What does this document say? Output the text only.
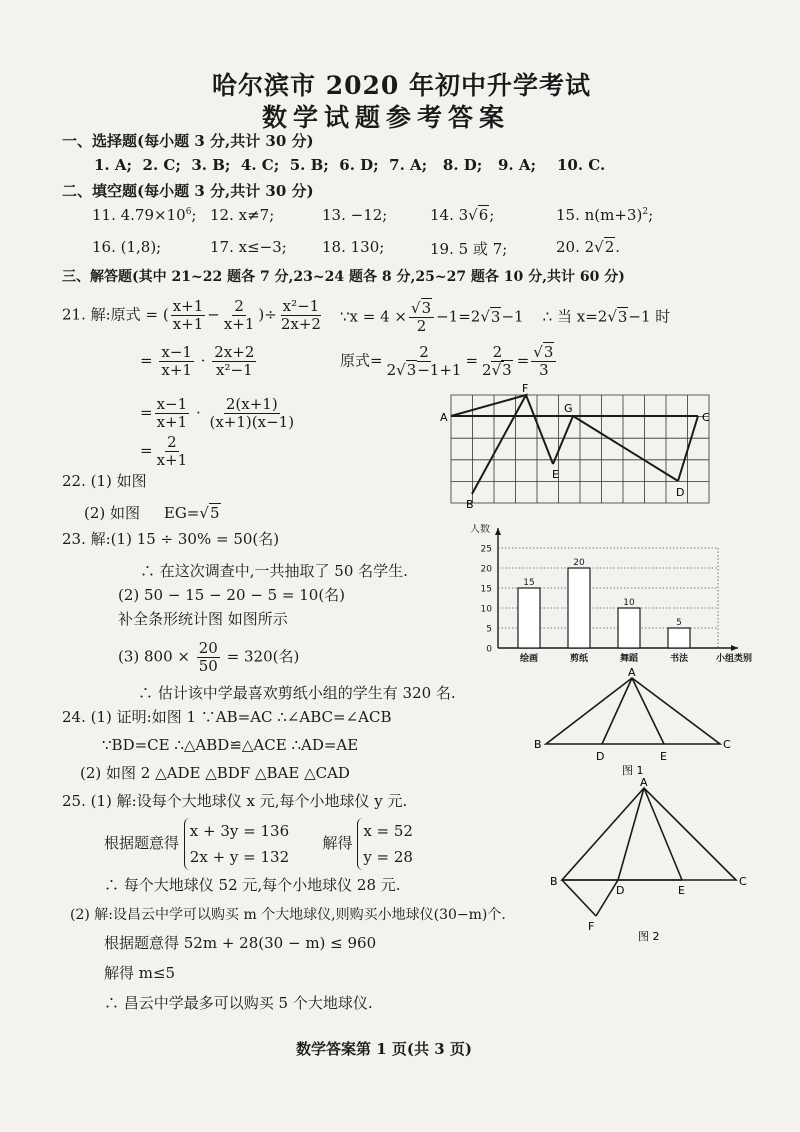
哈尔滨市 2020 年初中升学考试
数学试题参考答案
一、选择题(每小题 3 分,共计 30 分)
1. A; 2. C; 3. B; 4. C; 5. B; 6. D; 7. A; 8. D; 9. A; 10. C.
二、填空题(每小题 3 分,共计 30 分)
11. $4.79\times 10^6$; 12. x≠7;	13. −12;	14. 3√6;	15. $n(m+3)^2$;
16. (1,8);	17. x≤−3; 18. 130;	19. 5 或 7;	20. 2√2.
三、解答题(其中 21~22 题各 7 分,23~24 题各 8 分,25~27 题各 10 分,共计 60 分)
21. 解:原式 = ( $\frac{x+1}{x+1} - \frac{2}{x+1}$ )÷ $\frac{\text{x²−1}}{2x+2}$ ∵x = $4 \times \frac{√3}{2} -1=2√3-1$ ∴ 当 x=2√3−1 时
= $\frac{x-1}{x+1} \cdot \frac{2x+2}{\text{x²−1}}$	原式= $\frac{2}{2√3-1+1} = \frac{2}{2√3} = \frac{√3}{3}$
= $\frac{x-1}{x+1} \cdot \frac{2(x+1)}{(x+1)(x-1)}$
= $\frac{2}{x+1}$
22. (1) 如图
(2) 如图 EG=√5
A
F
G
C
E
B
D
23. 解:(1) 15 ÷ 30% = 50(名)
∴ 在这次调查中,一共抽取了 50 名学生.
(2) 50 − 15 − 20 − 5 = 10(名)
补全条形统计图 如图所示
(3) $800 \times \frac{20}{50} = 320$(名)
∴ 估计该中学最喜欢剪纸小组的学生有 320 名.
0
5
10
15
20
25
人数
15
绘画
20
剪纸
10
舞蹈
5
书法	小组类别
24. (1) 证明:如图 1 ∵AB=AC ∴∠ABC=∠ACB
∵BD=CE ∴△ABD≌△ACE ∴AD=AE
(2) 如图 2 △ADE △BDF △BAE △CAD
A
B
D	E
C
图 1
25. (1) 解:设每个大地球仪 x 元,每个小地球仪 y 元.
根据题意得 x + 3y = 136
2x + y = 132       解得 x = 52
y = 28
∴ 每个大地球仪 52 元,每个小地球仪 28 元.
(2) 解:设昌云中学可以购买 m 个大地球仪,则购买小地球仪(30−m)个.
根据题意得 52m + 28(30 − m) ≤ 960
解得 m≤5
∴ 昌云中学最多可以购买 5 个大地球仪.
A
B
D	E
C
F
图 2
数学答案第 1 页(共 3 页)
